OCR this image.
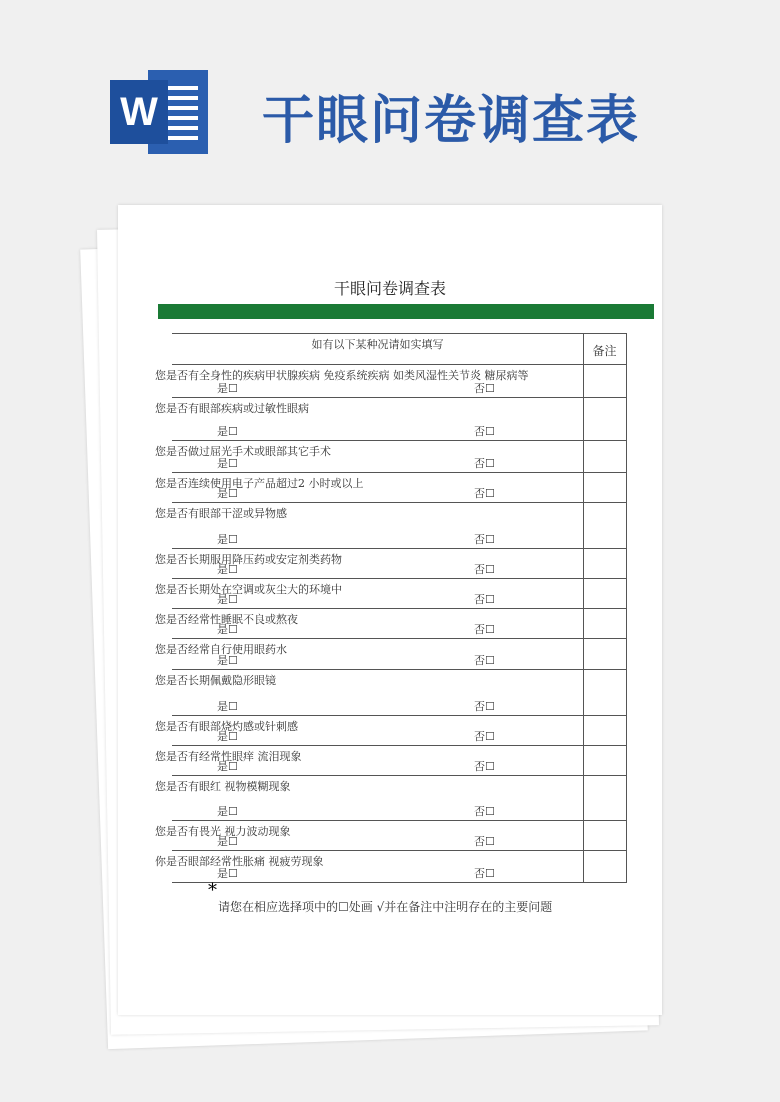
W 干眼问卷调查表
干眼问卷调查表
如有以下某种况请如实填写	备注
您是否有全身性的疾病甲状腺疾病 免疫系统疾病 如类风湿性关节炎 糖尿病等
是☐	否☐
您是否有眼部疾病或过敏性眼病
是☐	否☐
您是否做过屈光手术或眼部其它手术
是☐	否☐
您是否连续使用电子产品超过2 小时或以上
是☐	否☐
您是否有眼部干涩或异物感
是☐	否☐
您是否长期服用降压药或安定剂类药物
是☐	否☐
您是否长期处在空调或灰尘大的环境中
是☐	否☐
您是否经常性睡眠不良或熬夜
是☐	否☐
您是否经常自行使用眼药水
是☐	否☐
您是否长期佩戴隐形眼镜
是☐	否☐
您是否有眼部烧灼感或针刺感
是☐	否☐
您是否有经常性眼痒 流泪现象
是☐	否☐
您是否有眼红 视物模糊现象
是☐	否☐
您是否有畏光 视力波动现象
是☐	否☐
你是否眼部经常性胀痛 视疲劳现象
是☐	否☐
*
请您在相应选择项中的☐处画 √并在备注中注明存在的主要问题
